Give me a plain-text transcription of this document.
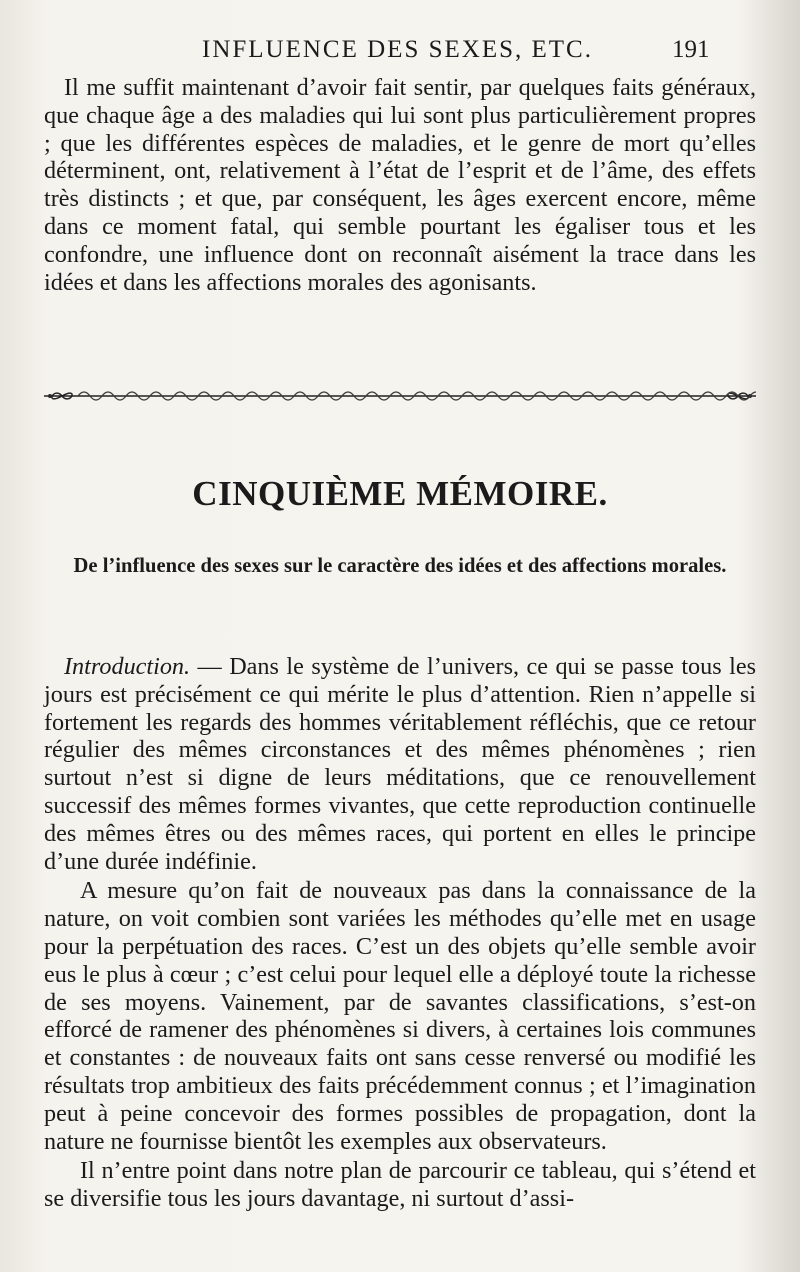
INFLUENCE DES SEXES, ETC.	191

Il me suffit maintenant d’avoir fait sentir, par quelques faits généraux, que chaque âge a des maladies qui lui sont plus particulièrement propres ; que les différentes espèces de maladies, et le genre de mort qu’elles déterminent, ont, relativement à l’état de l’esprit et de l’âme, des effets très distincts ; et que, par conséquent, les âges exercent encore, même dans ce moment fatal, qui semble pourtant les égaliser tous et les confondre, une influence dont on reconnaît aisément la trace dans les idées et dans les affections morales des agonisants.

CINQUIÈME MÉMOIRE.
De l’influence des sexes sur le caractère des idées et des affections morales.

Introduction. — Dans le système de l’univers, ce qui se passe tous les jours est précisément ce qui mérite le plus d’attention. Rien n’appelle si fortement les regards des hommes véritablement réfléchis, que ce retour régulier des mêmes circonstances et des mêmes phénomènes ; rien surtout n’est si digne de leurs méditations, que ce renouvellement successif des mêmes formes vivantes, que cette reproduction continuelle des mêmes êtres ou des mêmes races, qui portent en elles le principe d’une durée indéfinie.

A mesure qu’on fait de nouveaux pas dans la connaissance de la nature, on voit combien sont variées les méthodes qu’elle met en usage pour la perpétuation des races. C’est un des objets qu’elle semble avoir eus le plus à cœur ; c’est celui pour lequel elle a déployé toute la richesse de ses moyens. Vainement, par de savantes classifications, s’est-on efforcé de ramener des phénomènes si divers, à certaines lois communes et constantes : de nouveaux faits ont sans cesse renversé ou modifié les résultats trop ambitieux des faits précédemment connus ; et l’imagination peut à peine concevoir des formes possibles de propagation, dont la nature ne fournisse bientôt les exemples aux observateurs.

Il n’entre point dans notre plan de parcourir ce tableau, qui s’étend et se diversifie tous les jours davantage, ni surtout d’assi-
